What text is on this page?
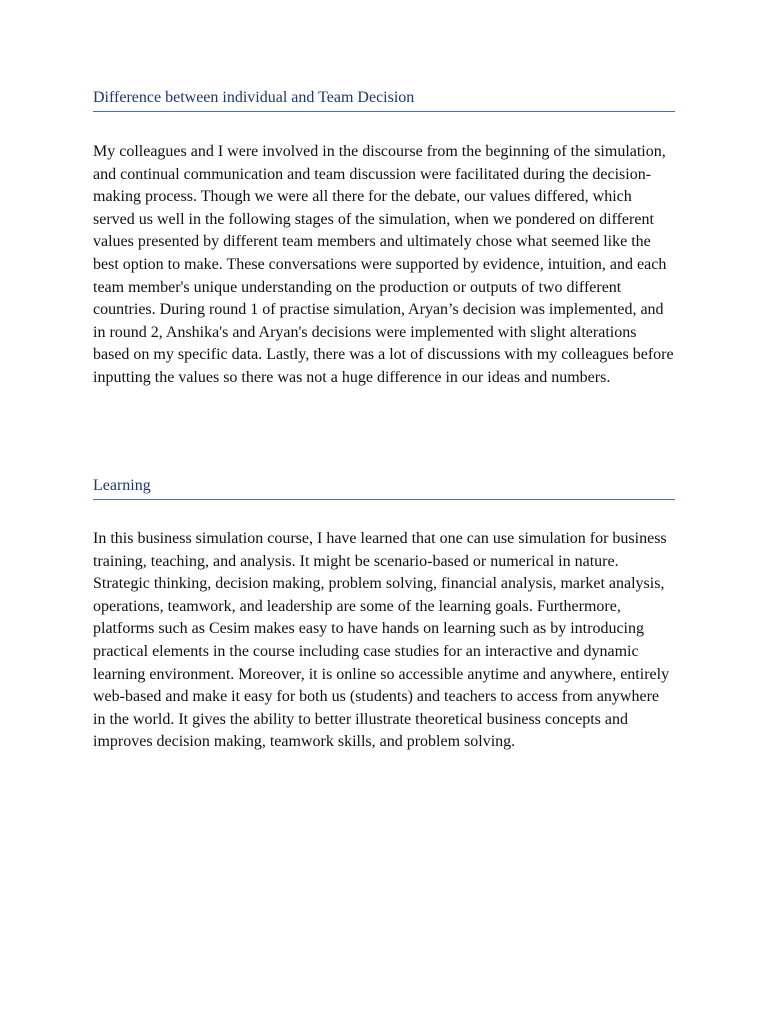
Difference between individual and Team Decision

My colleagues and I were involved in the discourse from the beginning of the simulation, and continual communication and team discussion were facilitated during the decision-making process. Though we were all there for the debate, our values differed, which served us well in the following stages of the simulation, when we pondered on different values presented by different team members and ultimately chose what seemed like the best option to make. These conversations were supported by evidence, intuition, and each team member's unique understanding on the production or outputs of two different countries. During round 1 of practise simulation, Aryan’s decision was implemented, and in round 2, Anshika's and Aryan's decisions were implemented with slight alterations based on my specific data. Lastly, there was a lot of discussions with my colleagues before inputting the values so there was not a huge difference in our ideas and numbers.

Learning

In this business simulation course, I have learned that one can use simulation for business training, teaching, and analysis. It might be scenario-based or numerical in nature. Strategic thinking, decision making, problem solving, financial analysis, market analysis, operations, teamwork, and leadership are some of the learning goals. Furthermore, platforms such as Cesim makes easy to have hands on learning such as by introducing practical elements in the course including case studies for an interactive and dynamic learning environment. Moreover, it is online so accessible anytime and anywhere, entirely web-based and make it easy for both us (students) and teachers to access from anywhere in the world. It gives the ability to better illustrate theoretical business concepts and improves decision making, teamwork skills, and problem solving.
